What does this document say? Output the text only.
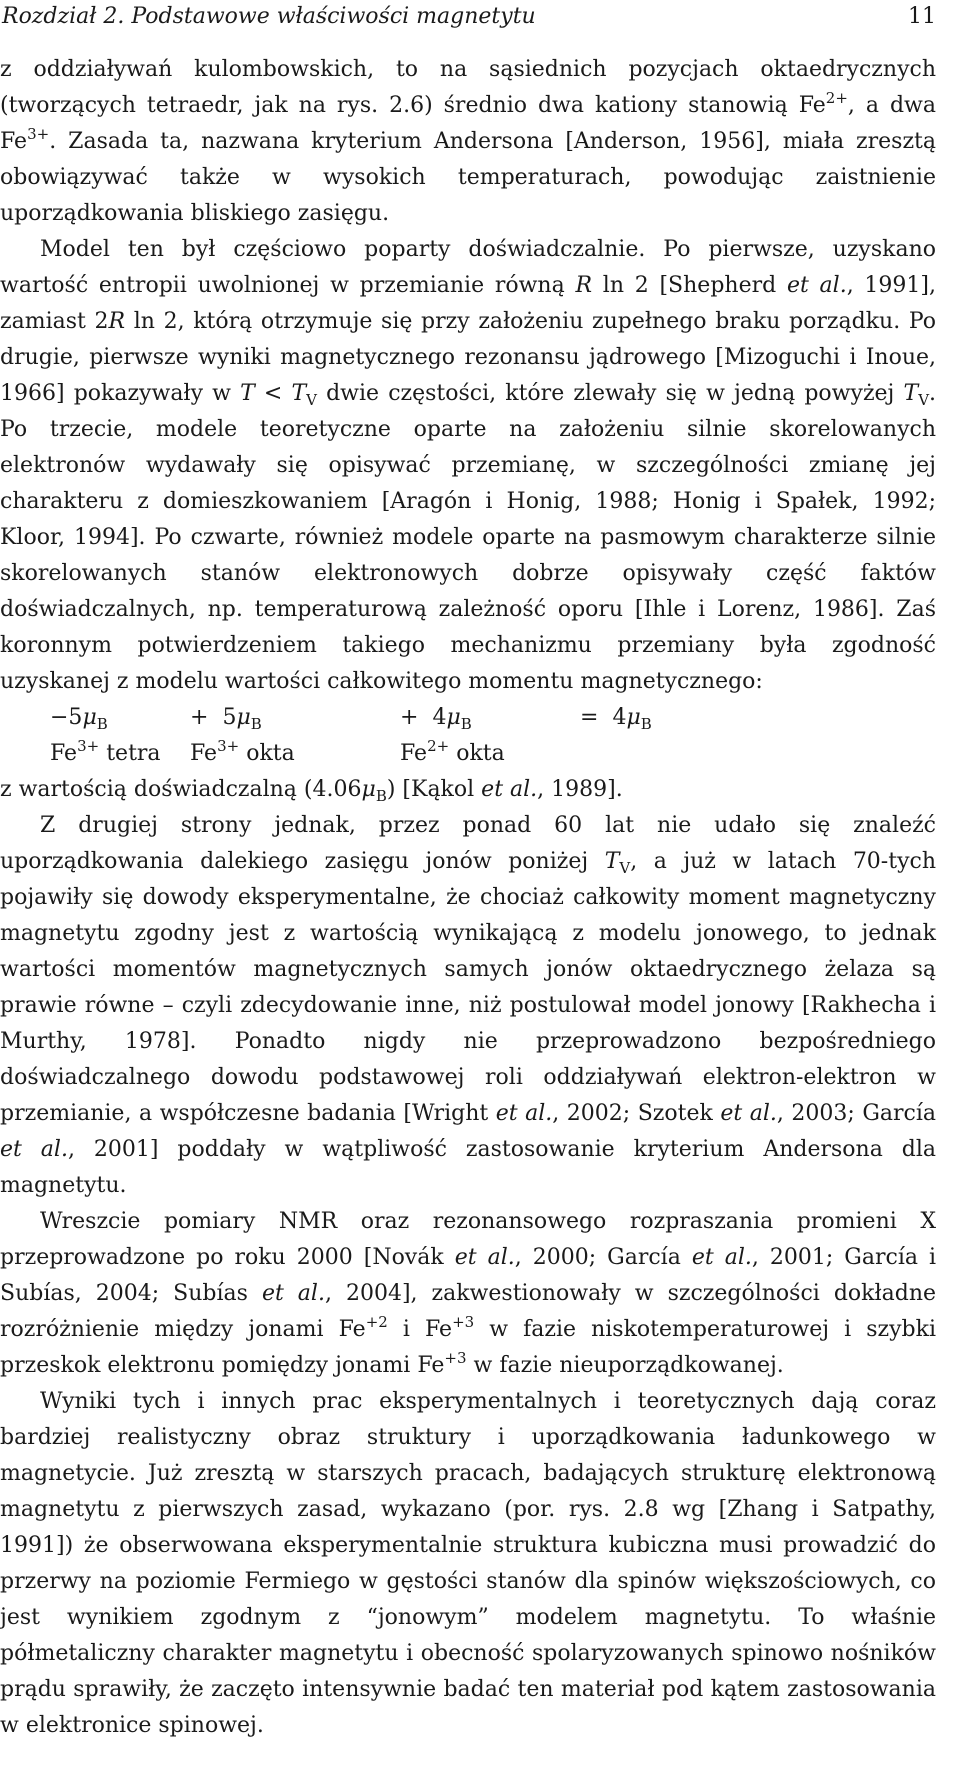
Rozdział 2. Podstawowe właściwości magnetytu	11

z oddziaływań kulombowskich, to na sąsiednich pozycjach oktaedrycznych (tworzących tetraedr, jak na rys. 2.6) średnio dwa kationy stanowią $Fe^{2+}$, a dwa $Fe^{3+}$. Zasada ta, nazwana kryterium Andersona [Anderson, 1956], miała zresztą obowiązywać także w wysokich temperaturach, powodując zaistnienie uporządkowania bliskiego zasięgu.

Model ten był częściowo poparty doświadczalnie. Po pierwsze, uzyskano wartość entropii uwolnionej w przemianie równą R ln 2 [Shepherd et al., 1991], zamiast 2R ln 2, którą otrzymuje się przy założeniu zupełnego braku porządku. Po drugie, pierwsze wyniki magnetycznego rezonansu jądrowego [Mizoguchi i Inoue, 1966] pokazywały w $T < T_V$ dwie częstości, które zlewały się w jedną powyżej $T_V$. Po trzecie, modele teoretyczne oparte na założeniu silnie skorelowanych elektronów wydawały się opisywać przemianę, w szczególności zmianę jej charakteru z domieszkowaniem [Aragón i Honig, 1988; Honig i Spałek, 1992; Kloor, 1994]. Po czwarte, również modele oparte na pasmowym charakterze silnie skorelowanych stanów elektronowych dobrze opisywały część faktów doświadczalnych, np. temperaturową zależność oporu [Ihle i Lorenz, 1986]. Zaś koronnym potwierdzeniem takiego mechanizmu przemiany była zgodność uzyskanej z modelu wartości całkowitego momentu magnetycznego:

$-5\mu_B$	+ $5\mu_B$	+ $4\mu_B$	= $4\mu_B$
$Fe^{3+}$ tetra	$Fe^{3+}$ okta	$Fe^{2+}$ okta

z wartością doświadczalną $(4.06\mu_B)$ [Kąkol et al., 1989].

Z drugiej strony jednak, przez ponad 60 lat nie udało się znaleźć uporządkowania dalekiego zasięgu jonów poniżej $T_V$, a już w latach 70-tych pojawiły się dowody eksperymentalne, że chociaż całkowity moment magnetyczny magnetytu zgodny jest z wartością wynikającą z modelu jonowego, to jednak wartości momentów magnetycznych samych jonów oktaedrycznego żelaza są prawie równe – czyli zdecydowanie inne, niż postulował model jonowy [Rakhecha i Murthy, 1978]. Ponadto nigdy nie przeprowadzono bezpośredniego doświadczalnego dowodu podstawowej roli oddziaływań elektron-elektron w przemianie, a współczesne badania [Wright et al., 2002; Szotek et al., 2003; García et al., 2001] poddały w wątpliwość zastosowanie kryterium Andersona dla magnetytu.

Wreszcie pomiary NMR oraz rezonansowego rozpraszania promieni X przeprowadzone po roku 2000 [Novák et al., 2000; García et al., 2001; García i Subías, 2004; Subías et al., 2004], zakwestionowały w szczególności dokładne rozróżnienie między jonami $Fe^{+2}$ i $Fe^{+3}$ w fazie niskotemperaturowej i szybki przeskok elektronu pomiędzy jonami $Fe^{+3}$ w fazie nieuporządkowanej.

Wyniki tych i innych prac eksperymentalnych i teoretycznych dają coraz bardziej realistyczny obraz struktury i uporządkowania ładunkowego w magnetycie. Już zresztą w starszych pracach, badających strukturę elektronową magnetytu z pierwszych zasad, wykazano (por. rys. 2.8 wg [Zhang i Satpathy, 1991]) że obserwowana eksperymentalnie struktura kubiczna musi prowadzić do przerwy na poziomie Fermiego w gęstości stanów dla spinów większościowych, co jest wynikiem zgodnym z “jonowym” modelem magnetytu. To właśnie półmetaliczny charakter magnetytu i obecność spolaryzowanych spinowo nośników prądu sprawiły, że zaczęto intensywnie badać ten materiał pod kątem zastosowania w elektronice spinowej.
